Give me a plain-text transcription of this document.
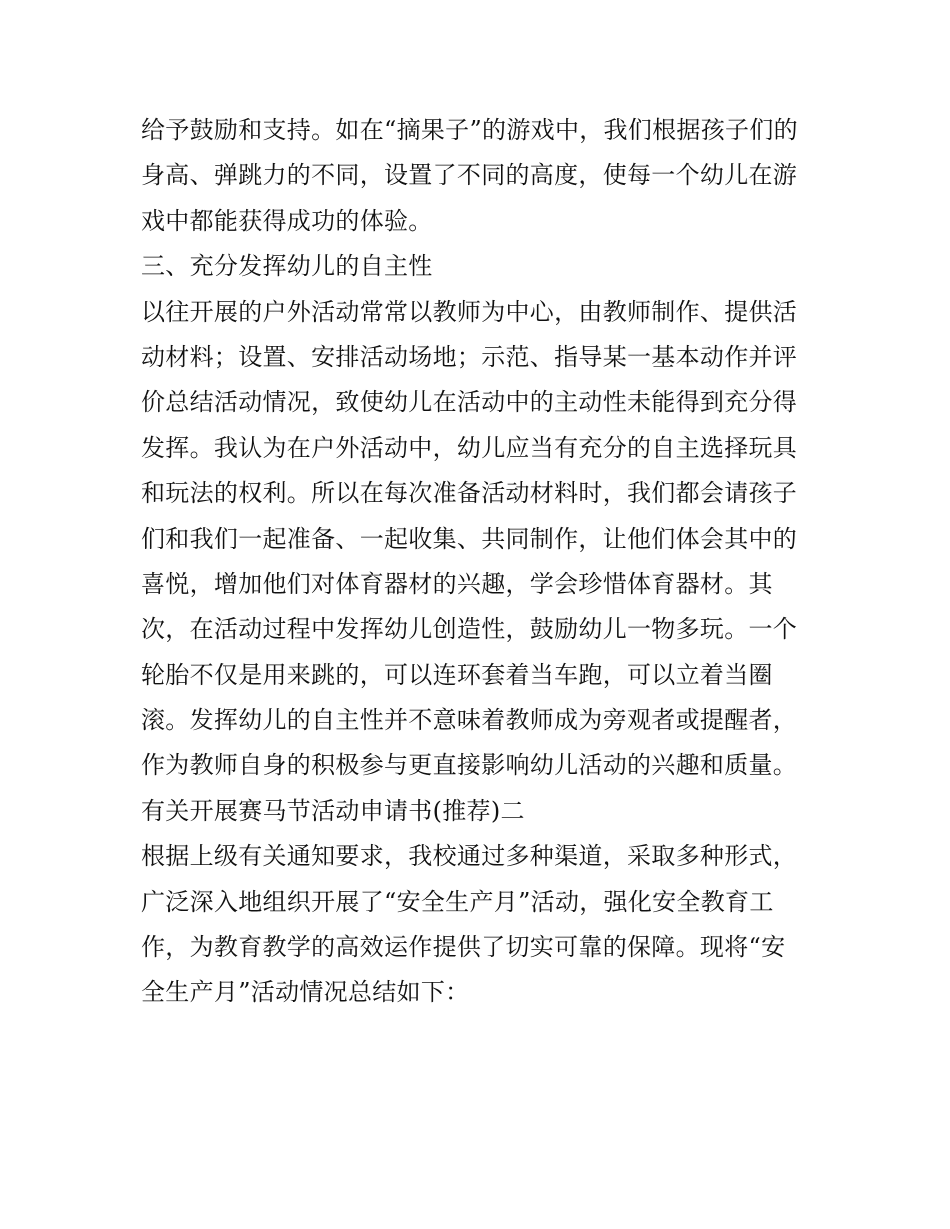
给予鼓励和支持。如在“摘果子”的游戏中，我们根据孩子们的
身高、弹跳力的不同，设置了不同的高度，使每一个幼儿在游
戏中都能获得成功的体验。
三、充分发挥幼儿的自主性
以往开展的户外活动常常以教师为中心，由教师制作、提供活
动材料；设置、安排活动场地；示范、指导某一基本动作并评
价总结活动情况，致使幼儿在活动中的主动性未能得到充分得
发挥。我认为在户外活动中，幼儿应当有充分的自主选择玩具
和玩法的权利。所以在每次准备活动材料时，我们都会请孩子
们和我们一起准备、一起收集、共同制作，让他们体会其中的
喜悦，增加他们对体育器材的兴趣，学会珍惜体育器材。其
次，在活动过程中发挥幼儿创造性，鼓励幼儿一物多玩。一个
轮胎不仅是用来跳的，可以连环套着当车跑，可以立着当圈
滚。发挥幼儿的自主性并不意味着教师成为旁观者或提醒者，
作为教师自身的积极参与更直接影响幼儿活动的兴趣和质量。
有关开展赛马节活动申请书(推荐)二
根据上级有关通知要求，我校通过多种渠道，采取多种形式，
广泛深入地组织开展了“安全生产月”活动，强化安全教育工
作，为教育教学的高效运作提供了切实可靠的保障。现将“安
全生产月”活动情况总结如下：
